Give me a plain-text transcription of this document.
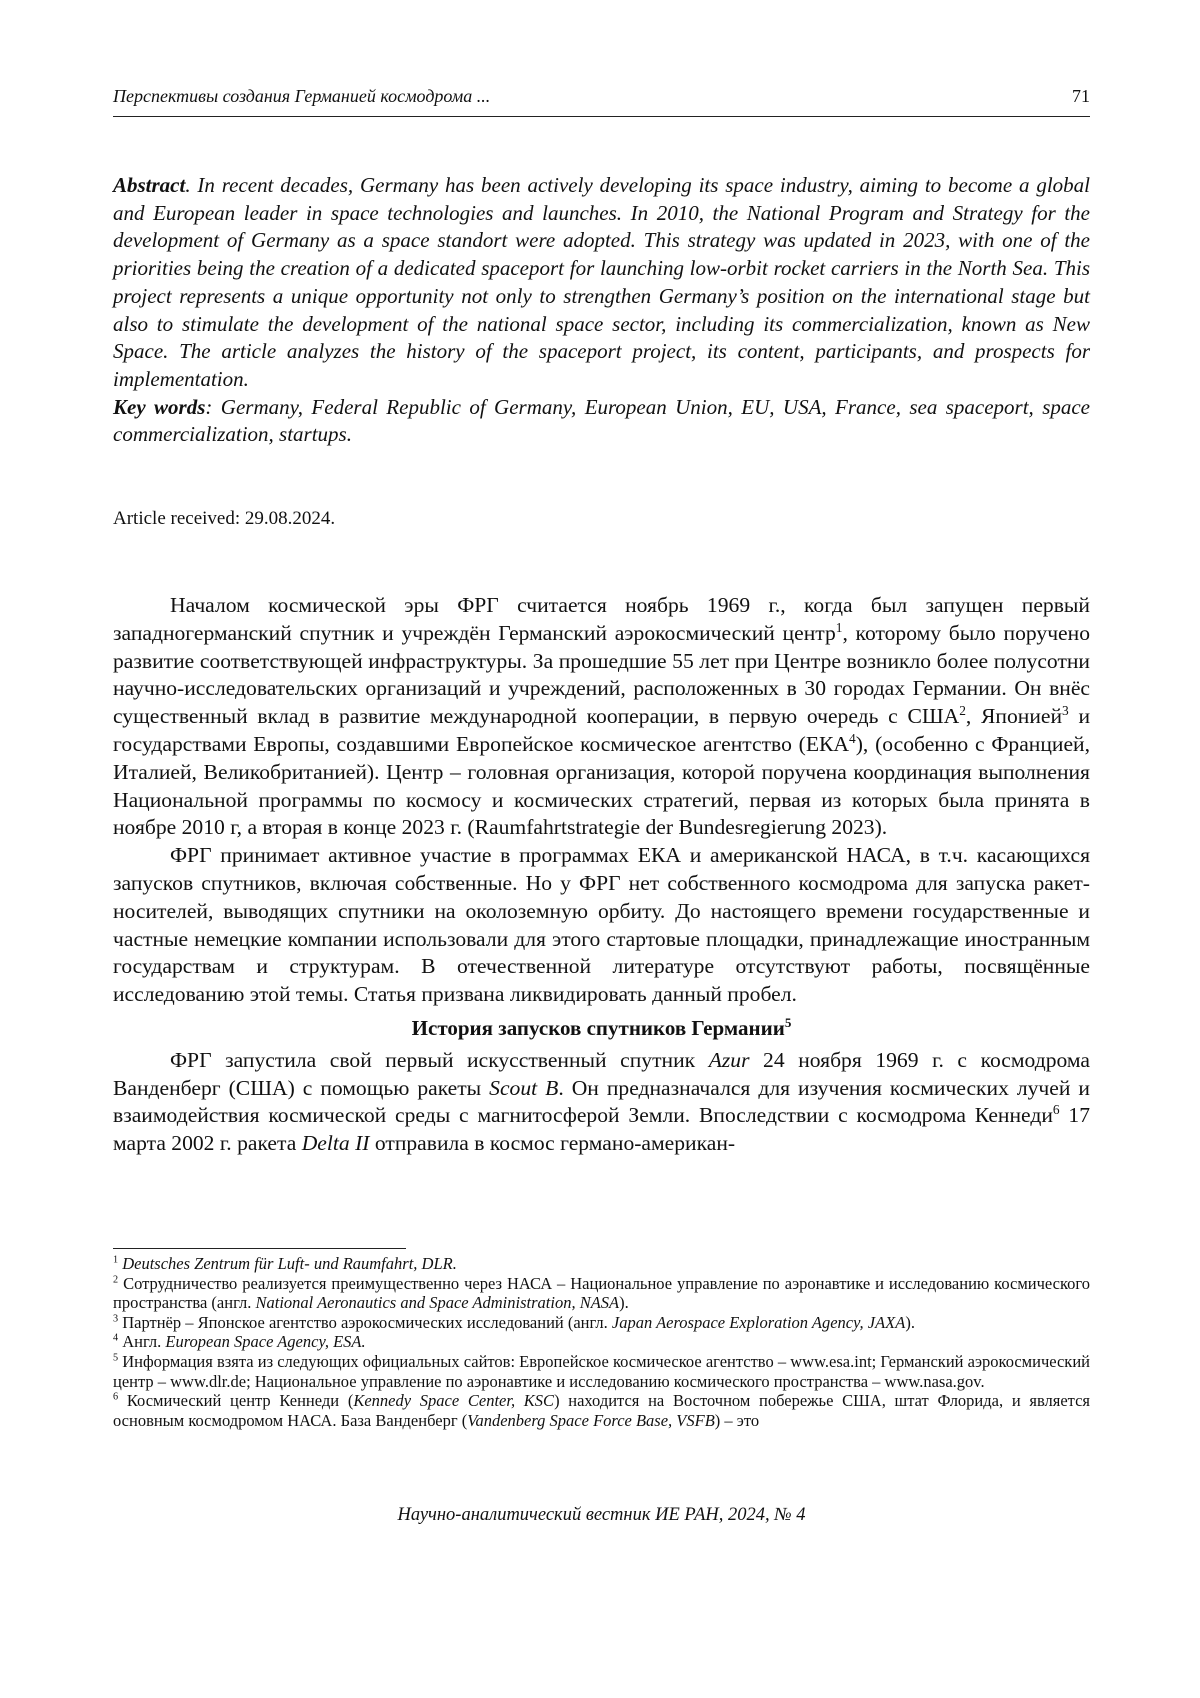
Перспективы создания Германией космодрома ...	71
Abstract. In recent decades, Germany has been actively developing its space industry, aiming to become a global and European leader in space technologies and launches. In 2010, the National Program and Strategy for the development of Germany as a space standort were adopted. This strategy was updated in 2023, with one of the priorities being the creation of a dedicated spaceport for launching low-orbit rocket carriers in the North Sea. This project represents a unique opportunity not only to strengthen Germany’s position on the international stage but also to stimulate the development of the national space sector, including its commercialization, known as New Space. The article analyzes the history of the spaceport project, its content, participants, and prospects for implementation.
Key words: Germany, Federal Republic of Germany, European Union, EU, USA, France, sea spaceport, space commercialization, startups.
Article received: 29.08.2024.

Началом космической эры ФРГ считается ноябрь 1969 г., когда был запущен первый западногерманский спутник и учреждён Германский аэрокосмический центр$^1$, которому было поручено развитие соответствующей инфраструктуры. За прошедшие 55 лет при Центре возникло более полусотни научно-исследовательских организаций и учреждений, расположенных в 30 городах Германии. Он внёс существенный вклад в развитие международной кооперации, в первую очередь с США$^2$, Японией$^3$ и государствами Европы, создавшими Европейское космическое агентство (ЕКА$^4$), (особенно с Францией, Италией, Великобританией). Центр – головная организация, которой поручена координация выполнения Национальной программы по космосу и космических стратегий, первая из которых была принята в ноябре 2010 г, а вторая в конце 2023 г. (Raumfahrtstrategie der Bundesregierung 2023).

ФРГ принимает активное участие в программах ЕКА и американской НАСА, в т.ч. касающихся запусков спутников, включая собственные. Но у ФРГ нет собственного космодрома для запуска ракет-носителей, выводящих спутники на околоземную орбиту. До настоящего времени государственные и частные немецкие компании использовали для этого стартовые площадки, принадлежащие иностранным государствам и структурам. В отечественной литературе отсутствуют работы, посвящённые исследованию этой темы. Статья призвана ликвидировать данный пробел.

История запусков спутников Германии$^5$

ФРГ запустила свой первый искусственный спутник Azur 24 ноября 1969 г. с космодрома Ванденберг (США) с помощью ракеты Scout B. Он предназначался для изучения космических лучей и взаимодействия космической среды с магнитосферой Земли. Впоследствии с космодрома Кеннеди$^6$ 17 марта 2002 г. ракета Delta II отправила в космос германо-американ-

$^1$ Deutsches Zentrum für Luft- und Raumfahrt, DLR.

$^2$ Сотрудничество реализуется преимущественно через НАСА – Национальное управление по аэронавтике и исследованию космического пространства (англ. National Aeronautics and Space Administration, NASA).

$^3$ Партнёр – Японское агентство аэрокосмических исследований (англ. Japan Aerospace Exploration Agency, JAXA).

$^4$ Англ. European Space Agency, ESA.

$^5$ Информация взята из следующих официальных сайтов: Европейское космическое агентство – www.esa.int; Германский аэрокосмический центр – www.dlr.de; Национальное управление по аэронавтике и исследованию космического пространства – www.nasa.gov.

$^6$ Космический центр Кеннеди (Kennedy Space Center, KSC) находится на Восточном побережье США, штат Флорида, и является основным космодромом НАСА. База Ванденберг (Vandenberg Space Force Base, VSFB) – это

Научно-аналитический вестник ИЕ РАН, 2024, № 4
